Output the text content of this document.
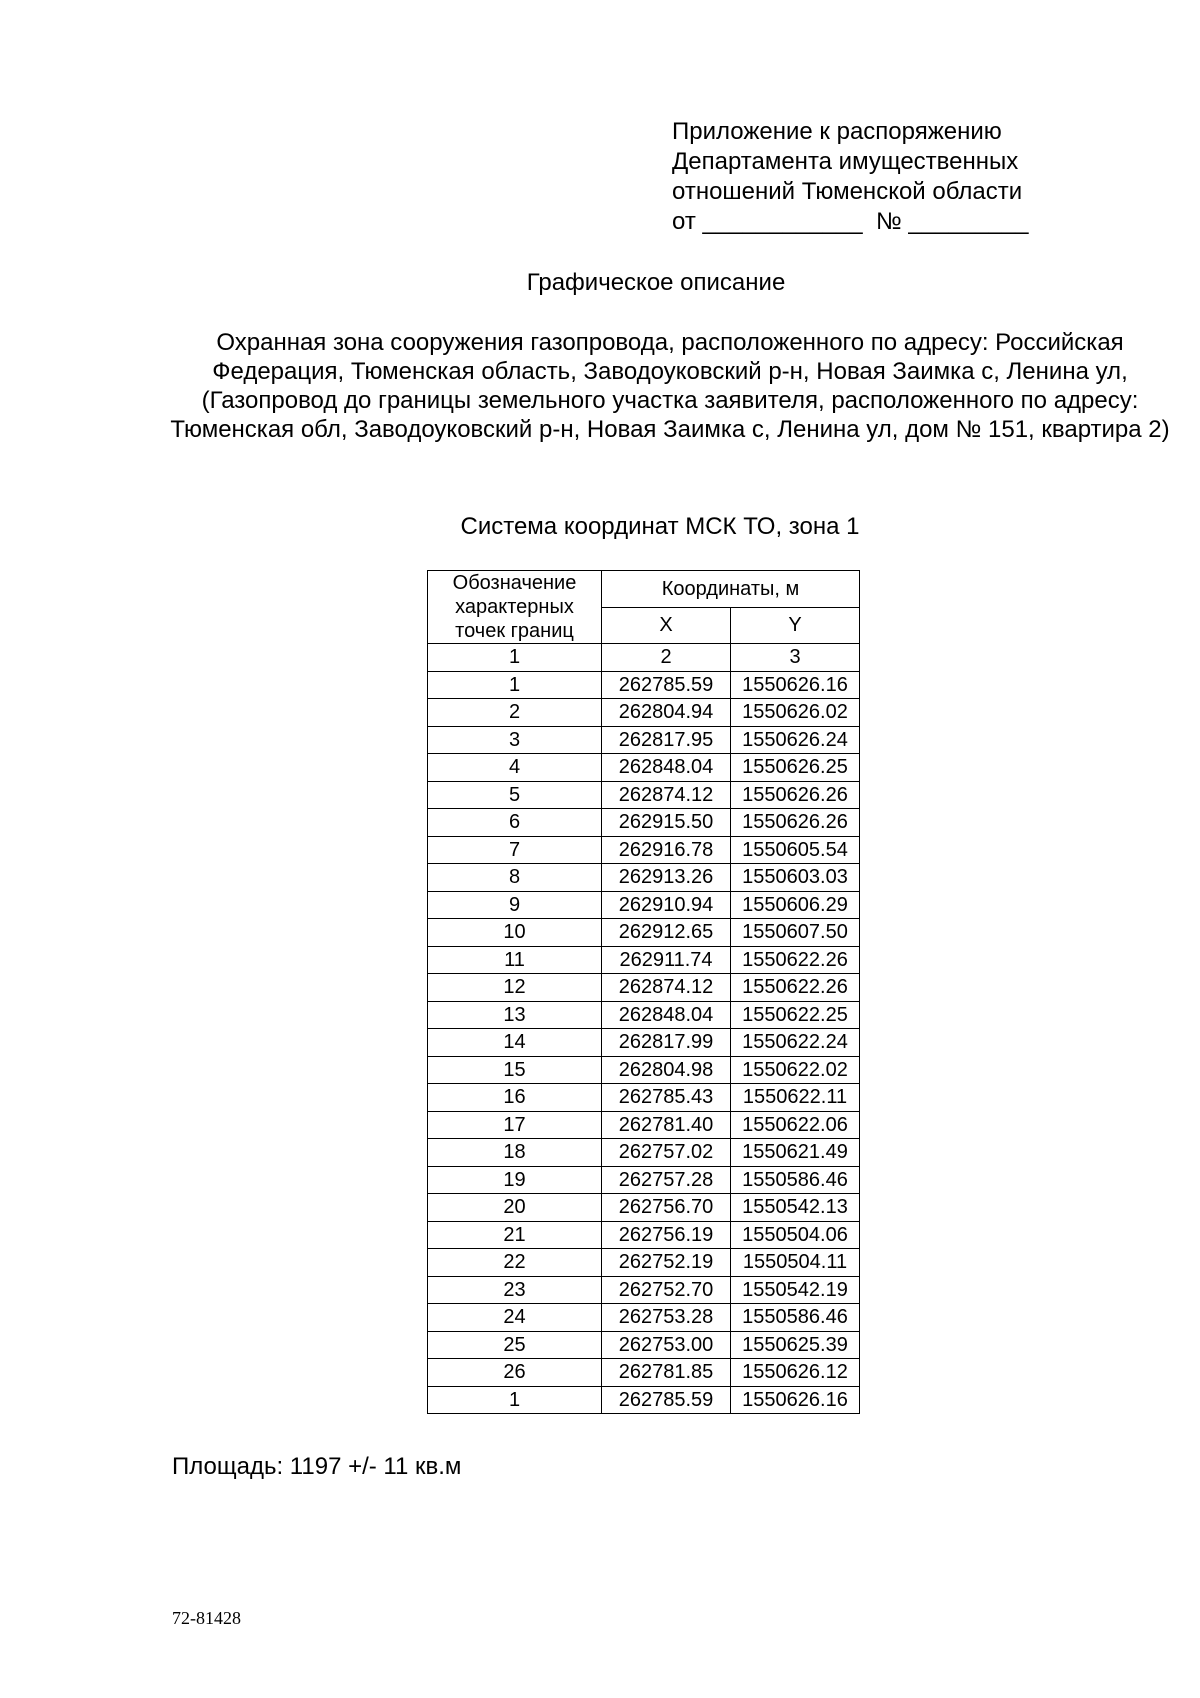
Приложение к распоряжению
Департамента имущественных
отношений Тюменской области
от ____________  № _________
Графическое описание
Охранная зона сооружения газопровода, расположенного по адресу: Российская Федерация, Тюменская область, Заводоуковский р-н, Новая Заимка с, Ленина ул, (Газопровод до границы земельного участка заявителя, расположенного по адресу: Тюменская обл, Заводоуковский р-н, Новая Заимка с, Ленина ул, дом № 151, квартира 2)
Система координат МСК ТО, зона 1
Обозначение характерных точек границ	Координаты, м	
	X	Y
1	2	3
1	262785.59	1550626.16
2	262804.94	1550626.02
3	262817.95	1550626.24
4	262848.04	1550626.25
5	262874.12	1550626.26
6	262915.50	1550626.26
7	262916.78	1550605.54
8	262913.26	1550603.03
9	262910.94	1550606.29
10	262912.65	1550607.50
11	262911.74	1550622.26
12	262874.12	1550622.26
13	262848.04	1550622.25
14	262817.99	1550622.24
15	262804.98	1550622.02
16	262785.43	1550622.11
17	262781.40	1550622.06
18	262757.02	1550621.49
19	262757.28	1550586.46
20	262756.70	1550542.13
21	262756.19	1550504.06
22	262752.19	1550504.11
23	262752.70	1550542.19
24	262753.28	1550586.46
25	262753.00	1550625.39
26	262781.85	1550626.12
1	262785.59	1550626.16
Площадь: 1197 +/- 11 кв.м
72-81428
